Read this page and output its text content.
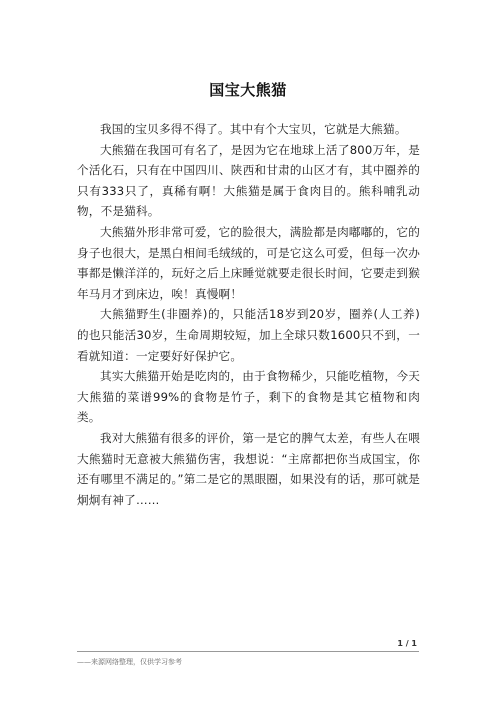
国宝大熊猫

我国的宝贝多得不得了。其中有个大宝贝，它就是大熊猫。

大熊猫在我国可有名了，是因为它在地球上活了800万年，是个活化石，只有在中国四川、陕西和甘肃的山区才有，其中圈养的只有333只了，真稀有啊！大熊猫是属于食肉目的。熊科哺乳动物，不是猫科。

大熊猫外形非常可爱，它的脸很大，满脸都是肉嘟嘟的，它的身子也很大，是黑白相间毛绒绒的，可是它这么可爱，但每一次办事都是懒洋洋的，玩好之后上床睡觉就要走很长时间，它要走到猴年马月才到床边，唉！真慢啊！

大熊猫野生(非圈养)的，只能活18岁到20岁，圈养(人工养)的也只能活30岁，生命周期较短，加上全球只数1600只不到，一看就知道：一定要好好保护它。

其实大熊猫开始是吃肉的，由于食物稀少，只能吃植物，今天大熊猫的菜谱99%的食物是竹子，剩下的食物是其它植物和肉类。

我对大熊猫有很多的评价，第一是它的脾气太差，有些人在喂大熊猫时无意被大熊猫伤害，我想说：“主席都把你当成国宝，你还有哪里不满足的。”第二是它的黑眼圈，如果没有的话，那可就是炯炯有神了……

1 / 1
——来源网络整理，仅供学习参考
